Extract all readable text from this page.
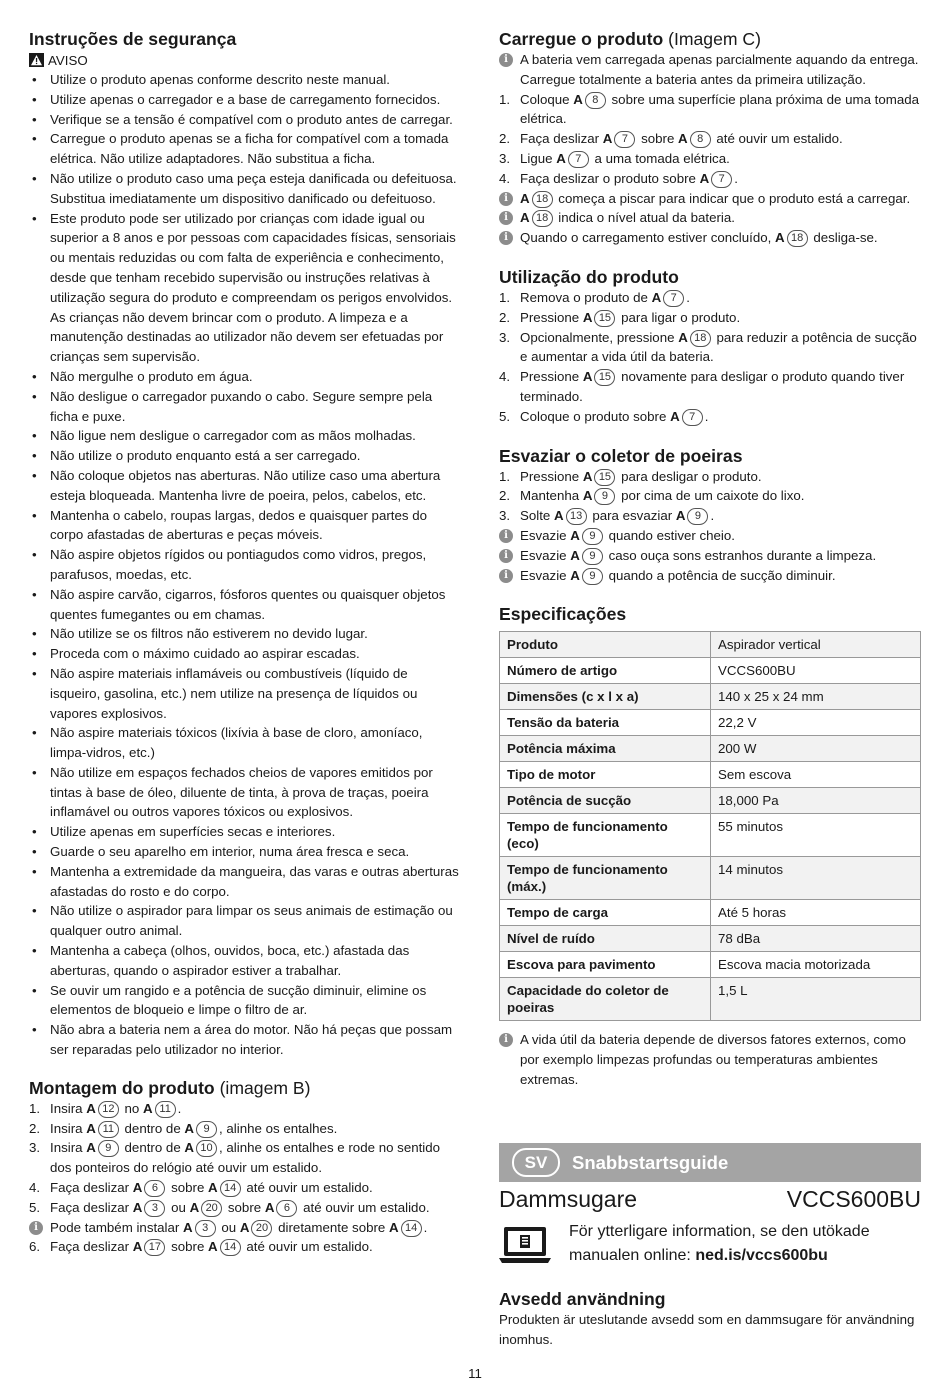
Instruções de segurança
AVISO
• Utilize o produto apenas conforme descrito neste manual.
• Utilize apenas o carregador e a base de carregamento fornecidos.
• Verifique se a tensão é compatível com o produto antes de carregar.
• Carregue o produto apenas se a ficha for compatível com a tomada elétrica. Não utilize adaptadores. Não substitua a ficha.
• Não utilize o produto caso uma peça esteja danificada ou defeituosa. Substitua imediatamente um dispositivo danificado ou defeituoso.
• Este produto pode ser utilizado por crianças com idade igual ou superior a 8 anos e por pessoas com capacidades físicas, sensoriais ou mentais reduzidas ou com falta de experiência e conhecimento, desde que tenham recebido supervisão ou instruções relativas à utilização segura do produto e compreendam os perigos envolvidos. As crianças não devem brincar com o produto. A limpeza e a manutenção destinadas ao utilizador não devem ser efetuadas por crianças sem supervisão.
• Não mergulhe o produto em água.
• Não desligue o carregador puxando o cabo. Segure sempre pela ficha e puxe.
• Não ligue nem desligue o carregador com as mãos molhadas.
• Não utilize o produto enquanto está a ser carregado.
• Não coloque objetos nas aberturas. Não utilize caso uma abertura esteja bloqueada. Mantenha livre de poeira, pelos, cabelos, etc.
• Mantenha o cabelo, roupas largas, dedos e quaisquer partes do corpo afastadas de aberturas e peças móveis.
• Não aspire objetos rígidos ou pontiagudos como vidros, pregos, parafusos, moedas, etc.
• Não aspire carvão, cigarros, fósforos quentes ou quaisquer objetos quentes fumegantes ou em chamas.
• Não utilize se os filtros não estiverem no devido lugar.
• Proceda com o máximo cuidado ao aspirar escadas.
• Não aspire materiais inflamáveis ou combustíveis (líquido de isqueiro, gasolina, etc.) nem utilize na presença de líquidos ou vapores explosivos.
• Não aspire materiais tóxicos (lixívia à base de cloro, amoníaco, limpa-vidros, etc.)
• Não utilize em espaços fechados cheios de vapores emitidos por tintas à base de óleo, diluente de tinta, à prova de traças, poeira inflamável ou outros vapores tóxicos ou explosivos.
• Utilize apenas em superfícies secas e interiores.
• Guarde o seu aparelho em interior, numa área fresca e seca.
• Mantenha a extremidade da mangueira, das varas e outras aberturas afastadas do rosto e do corpo.
• Não utilize o aspirador para limpar os seus animais de estimação ou qualquer outro animal.
• Mantenha a cabeça (olhos, ouvidos, boca, etc.) afastada das aberturas, quando o aspirador estiver a trabalhar.
• Se ouvir um rangido e a potência de sucção diminuir, elimine os elementos de bloqueio e limpe o filtro de ar.
• Não abra a bateria nem a área do motor. Não há peças que possam ser reparadas pelo utilizador no interior.
Montagem do produto (imagem B)
1. Insira A 12 no A 11 .
2. Insira A 11 dentro de A 9 , alinhe os entalhes.
3. Insira A 9 dentro de A 10 , alinhe os entalhes e rode no sentido dos ponteiros do relógio até ouvir um estalido.
4. Faça deslizar A 6 sobre A 14 até ouvir um estalido.
5. Faça deslizar A 3 ou A 20 sobre A 6 até ouvir um estalido.
i Pode também instalar A 3 ou A 20 diretamente sobre A 14 .
6. Faça deslizar A 17 sobre A 14 até ouvir um estalido.
Carregue o produto (Imagem C)
i A bateria vem carregada apenas parcialmente aquando da entrega. Carregue totalmente a bateria antes da primeira utilização.
1. Coloque A 8 sobre uma superfície plana próxima de uma tomada elétrica.
2. Faça deslizar A 7 sobre A 8 até ouvir um estalido.
3. Ligue A 7 a uma tomada elétrica.
4. Faça deslizar o produto sobre A 7 .
i A 18 começa a piscar para indicar que o produto está a carregar.
i A 18 indica o nível atual da bateria.
i Quando o carregamento estiver concluído, A 18 desliga-se.
Utilização do produto
1. Remova o produto de A 7 .
2. Pressione A 15 para ligar o produto.
3. Opcionalmente, pressione A 18 para reduzir a potência de sucção e aumentar a vida útil da bateria.
4. Pressione A 15 novamente para desligar o produto quando tiver terminado.
5. Coloque o produto sobre A 7 .
Esvaziar o coletor de poeiras
1. Pressione A 15 para desligar o produto.
2. Mantenha A 9 por cima de um caixote do lixo.
3. Solte A 13 para esvaziar A 9 .
i Esvazie A 9 quando estiver cheio.
i Esvazie A 9 caso ouça sons estranhos durante a limpeza.
i Esvazie A 9 quando a potência de sucção diminuir.
Especificações
Produto	Aspirador vertical
Número de artigo	VCCS600BU
Dimensões (c x l x a)	140 x 25 x 24 mm
Tensão da bateria	22,2 V
Potência máxima	200 W
Tipo de motor	Sem escova
Potência de sucção	18,000 Pa
Tempo de funcionamento (eco)	55 minutos
Tempo de funcionamento (máx.)	14 minutos
Tempo de carga	Até 5 horas
Nível de ruído	78 dBa
Escova para pavimento	Escova macia motorizada
Capacidade do coletor de poeiras	1,5 L
i A vida útil da bateria depende de diversos fatores externos, como por exemplo limpezas profundas ou temperaturas ambientes extremas.
SV	Snabbstartsguide
Dammsugare	VCCS600BU
För ytterligare information, se den utökade manualen online: ned.is/vccs600bu
Avsedd användning
Produkten är uteslutande avsedd som en dammsugare för användning inomhus.
11
